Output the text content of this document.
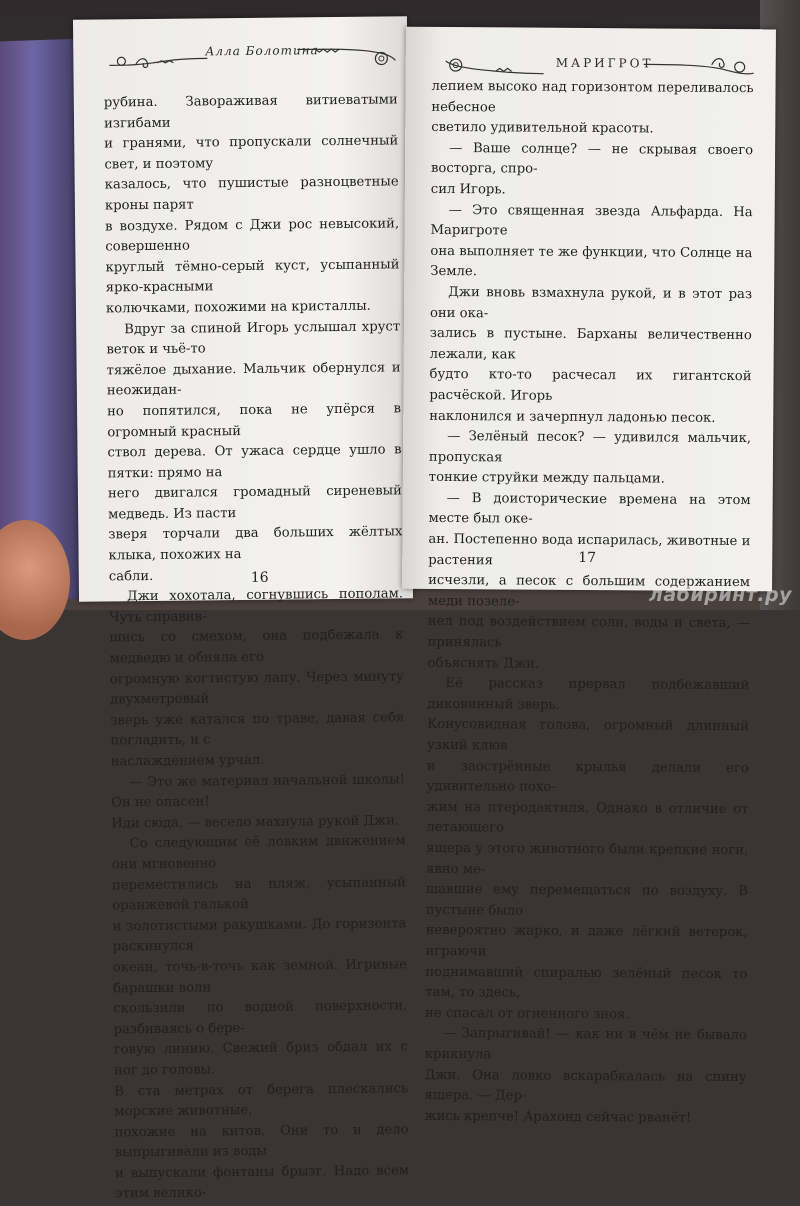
Алла Болотина

рубина. Завораживая витиеватыми изгибами

и гранями, что пропускали солнечный свет, и поэтому

казалось, что пушистые разноцветные кроны парят

в воздухе. Рядом с Джи рос невысокий, совершенно

круглый тёмно-серый куст, усыпанный ярко-красными

колючками, похожими на кристаллы.

Вдруг за спиной Игорь услышал хруст веток и чьё-то

тяжёлое дыхание. Мальчик обернулся и неожидан-

но попятился, пока не упёрся в огромный красный

ствол дерева. От ужаса сердце ушло в пятки: прямо на

него двигался громадный сиреневый медведь. Из пасти

зверя торчали два больших жёлтых клыка, похожих на

сабли.

Джи хохотала, согнувшись пополам. Чуть справив-

шись со смехом, она подбежала к медведю и обняла его

огромную когтистую лапу. Через минуту двухметровый

зверь уже катался по траве, давая себя погладить, и с

наслаждением урчал.

— Это же материал начальной школы! Он не опасен!

Иди сюда, — весело махнула рукой Джи.

Со следующим её ловким движением они мгновенно

переместились на пляж, усыпанный оранжевой галькой

и золотистыми ракушками. До горизонта раскинулся

океан, точь-в-точь как земной. Игривые барашки волн

скользили по водной поверхности, разбиваясь о бере-

говую линию. Свежий бриз обдал их с ног до головы.

В ста метрах от берега плескались морские животные,

похожие на китов. Они то и дело выпрыгивали из воды

и выпускали фонтаны брызг. Надо всем этим велико-

16
МАРИГРОТ

лепием высоко над горизонтом переливалось небесное

светило удивительной красоты.

— Ваше солнце? — не скрывая своего восторга, спро-

сил Игорь.

— Это священная звезда Альфарда. На Маригроте

она выполняет те же функции, что Солнце на Земле.

Джи вновь взмахнула рукой, и в этот раз они ока-

зались в пустыне. Барханы величественно лежали, как

будто кто-то расчесал их гигантской расчёской. Игорь

наклонился и зачерпнул ладонью песок.

— Зелёный песок? — удивился мальчик, пропуская

тонкие струйки между пальцами.

— В доисторические времена на этом месте был оке-

ан. Постепенно вода испарилась, животные и растения

исчезли, а песок с большим содержанием меди позеле-

нел под воздействием соли, воды и света, — принялась

объяснять Джи.

Её рассказ прервал подбежавший диковинный зверь.

Конусовидная голова, огромный длинный узкий клюв

и заострённые крылья делали его удивительно похо-

жим на птеродактиля. Однако в отличие от летающего

ящера у этого животного были крепкие ноги, явно ме-

шавшие ему перемещаться по воздуху. В пустыне было

невероятно жарко, и даже лёгкий ветерок, играючи

поднимавший спиралью зелёный песок то там, то здесь,

не спасал от огненного зноя.

— Запрыгивай! — как ни в чём не бывало крикнула

Джи. Она ловко вскарабкалась на спину ящера. — Дер-

жись крепче! Арахонд сейчас рванёт!

17
лабиринт.ру
